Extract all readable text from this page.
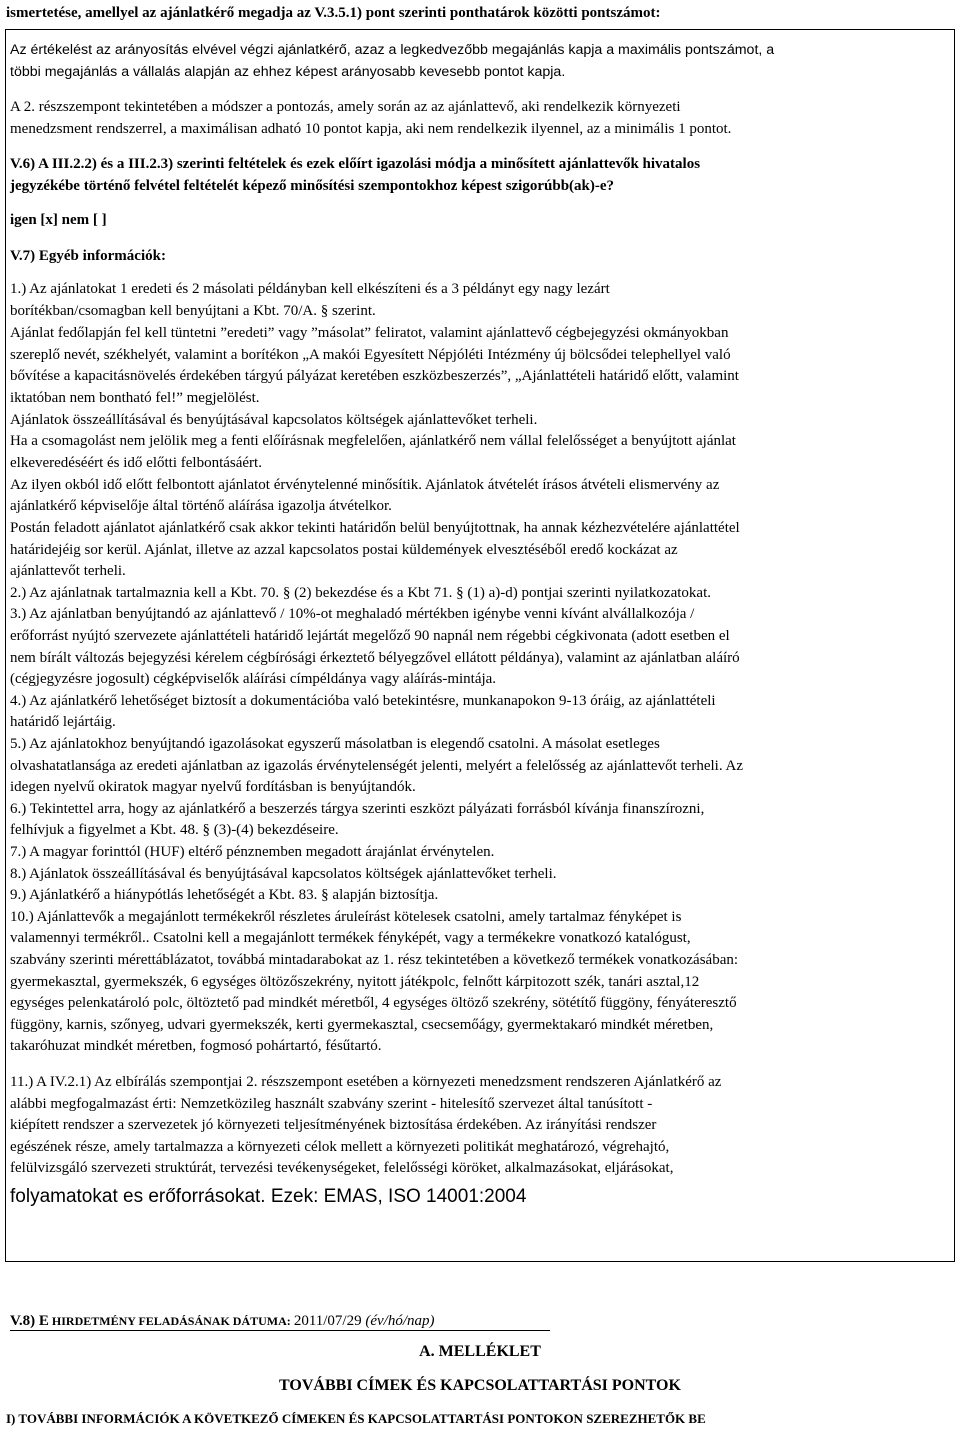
ismertetése, amellyel az ajánlatkérő megadja az V.3.5.1) pont szerinti ponthatárok közötti pontszámot:
Az értékelést az arányosítás elvével végzi ajánlatkérő, azaz a legkedvezőbb megajánlás kapja a maximális pontszámot, a
többi megajánlás a vállalás alapján az ehhez képest arányosabb kevesebb pontot kapja.
A 2. részszempont tekintetében a módszer a pontozás, amely során az az ajánlattevő, aki rendelkezik környezeti
menedzsment rendszerrel, a maximálisan adható 10 pontot kapja, aki nem rendelkezik ilyennel, az a minimális 1 pontot.
V.6) A III.2.2) és a III.2.3) szerinti feltételek és ezek előírt igazolási módja a minősített ajánlattevők hivatalos
jegyzékébe történő felvétel feltételét képező minősítési szempontokhoz képest szigorúbb(ak)-e?
igen [x] nem [ ]
V.7) Egyéb információk:
1.) Az ajánlatokat 1 eredeti és 2 másolati példányban kell elkészíteni és a 3 példányt egy nagy lezárt
borítékban/csomagban kell benyújtani a Kbt. 70/A. § szerint.
Ajánlat fedőlapján fel kell tüntetni ”eredeti” vagy ”másolat” feliratot, valamint ajánlattevő cégbejegyzési okmányokban
szereplő nevét, székhelyét, valamint a borítékon „A makói Egyesített Népjóléti Intézmény új bölcsődei telephellyel való
bővítése a kapacitásnövelés érdekében tárgyú pályázat keretében eszközbeszerzés”, „Ajánlattételi határidő előtt, valamint
iktatóban nem bontható fel!” megjelölést.
Ajánlatok összeállításával és benyújtásával kapcsolatos költségek ajánlattevőket terheli.
Ha a csomagolást nem jelölik meg a fenti előírásnak megfelelően, ajánlatkérő nem vállal felelősséget a benyújtott ajánlat
elkeveredéséért és idő előtti felbontásáért.
Az ilyen okból idő előtt felbontott ajánlatot érvénytelenné minősítik. Ajánlatok átvételét írásos átvételi elismervény az
ajánlatkérő képviselője által történő aláírása igazolja átvételkor.
Postán feladott ajánlatot ajánlatkérő csak akkor tekinti határidőn belül benyújtottnak, ha annak kézhezvételére ajánlattétel
határidejéig sor kerül. Ajánlat, illetve az azzal kapcsolatos postai küldemények elvesztéséből eredő kockázat az
ajánlattevőt terheli.
2.) Az ajánlatnak tartalmaznia kell a Kbt. 70. § (2) bekezdése és a Kbt 71. § (1) a)-d) pontjai szerinti nyilatkozatokat.
3.) Az ajánlatban benyújtandó az ajánlattevő / 10%-ot meghaladó mértékben igénybe venni kívánt alvállalkozója /
erőforrást nyújtó szervezete ajánlattételi határidő lejártát megelőző 90 napnál nem régebbi cégkivonata (adott esetben el
nem bírált változás bejegyzési kérelem cégbírósági érkeztető bélyegzővel ellátott példánya), valamint az ajánlatban aláíró
(cégjegyzésre jogosult) cégképviselők aláírási címpéldánya vagy aláírás-mintája.
4.) Az ajánlatkérő lehetőséget biztosít a dokumentációba való betekintésre, munkanapokon 9-13 óráig, az ajánlattételi
határidő lejártáig.
5.) Az ajánlatokhoz benyújtandó igazolásokat egyszerű másolatban is elegendő csatolni. A másolat esetleges
olvashatatlansága az eredeti ajánlatban az igazolás érvénytelenségét jelenti, melyért a felelősség az ajánlattevőt terheli. Az
idegen nyelvű okiratok magyar nyelvű fordításban is benyújtandók.
6.) Tekintettel arra, hogy az ajánlatkérő a beszerzés tárgya szerinti eszközt pályázati forrásból kívánja finanszírozni,
felhívjuk a figyelmet a Kbt. 48. § (3)-(4) bekezdéseire.
7.) A magyar forinttól (HUF) eltérő pénznemben megadott árajánlat érvénytelen.
8.) Ajánlatok összeállításával és benyújtásával kapcsolatos költségek ajánlattevőket terheli.
9.) Ajánlatkérő a hiánypótlás lehetőségét a Kbt. 83. § alapján biztosítja.
10.) Ajánlattevők a megajánlott termékekről részletes áruleírást kötelesek csatolni, amely tartalmaz fényképet is
valamennyi termékről.. Csatolni kell a megajánlott termékek fényképét, vagy a termékekre vonatkozó katalógust,
szabvány szerinti mérettáblázatot, továbbá mintadarabokat az 1. rész tekintetében a következő termékek vonatkozásában:
gyermekasztal, gyermekszék, 6 egységes öltözőszekrény, nyitott játékpolc, felnőtt kárpitozott szék, tanári asztal,12
egységes pelenkatároló polc, öltöztető pad mindkét méretből, 4 egységes öltöző szekrény, sötétítő függöny, fényáteresztő
függöny, karnis, szőnyeg, udvari gyermekszék, kerti gyermekasztal, csecsemőágy, gyermektakaró mindkét méretben,
takaróhuzat mindkét méretben, fogmosó pohártartó, fésűtartó.
11.) A IV.2.1) Az elbírálás szempontjai 2. részszempont esetében a környezeti menedzsment rendszeren Ajánlatkérő az
alábbi megfogalmazást érti: Nemzetközileg használt szabvány szerint - hitelesítő szervezet által tanúsított -
kiépített rendszer a szervezetek jó környezeti teljesítményének biztosítása érdekében. Az irányítási rendszer
egészének része, amely tartalmazza a környezeti célok mellett a környezeti politikát meghatározó, végrehajtó,
felülvizsgáló szervezeti struktúrát, tervezési tevékenységeket, felelősségi köröket, alkalmazásokat, eljárásokat,
folyamatokat es erőforrásokat. Ezek: EMAS, ISO 14001:2004
V.8) E HIRDETMÉNY FELADÁSÁNAK DÁTUMA: 2011/07/29 (év/hó/nap)
A. MELLÉKLET
TOVÁBBI CÍMEK ÉS KAPCSOLATTARTÁSI PONTOK
I) TOVÁBBI INFORMÁCIÓK A KÖVETKEZŐ CÍMEKEN ÉS KAPCSOLATTARTÁSI PONTOKON SZEREZHETŐK BE
